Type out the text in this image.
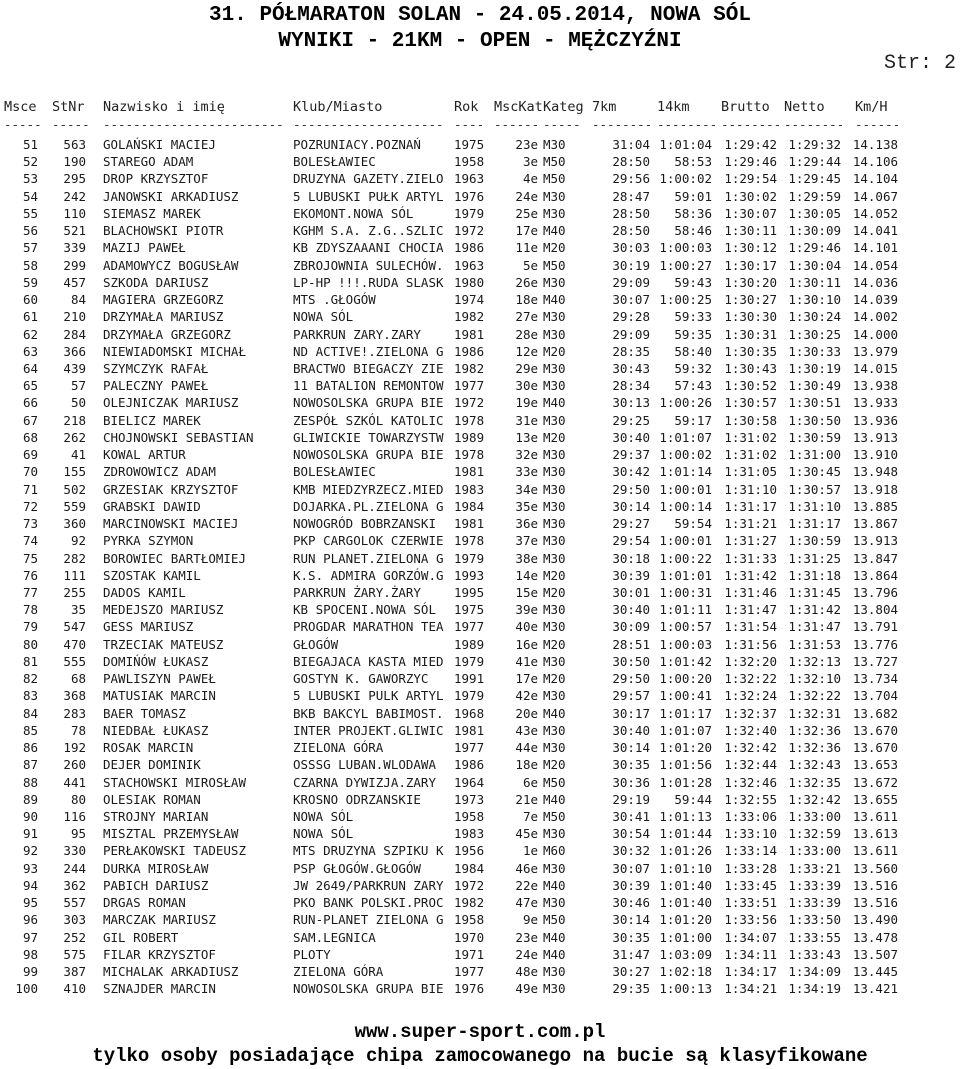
31. PÓŁMARATON SOLAN - 24.05.2014, NOWA SÓL
WYNIKI - 21KM - OPEN - MĘŻCZYŹNI
Str: 2
Msce	StNr	Nazwisko i imię	Klub/Miasto	Rok	MscKat Kateg 7km	14km	Brutto	Netto	Km/H
----- -----	------------------------ -------------------- ---- ------ ----- -------- -------- -------- -------- ------
51	563 GOLAŃSKI MACIEJ	POZRUNIACY.POZNAŃ	1975	23e M30	31:04 1:01:04 1:29:42 1:29:32 14.138
52	190 STAREGO ADAM	BOLESŁAWIEC	1958	3e M50	28:50	58:53 1:29:46 1:29:44 14.106
53	295 DROP KRZYSZTOF	DRUZYNA GAZETY.ZIELO 1963	4e M50	29:56 1:00:02 1:29:54 1:29:45 14.104
54	242 JANOWSKI ARKADIUSZ	5 LUBUSKI PUŁK ARTYL 1976	24e M30	28:47	59:01 1:30:02 1:29:59 14.067
55	110 SIEMASZ MAREK	EKOMONT.NOWA SÓL	1979	25e M30	28:50	58:36 1:30:07 1:30:05 14.052
56	521 BLACHOWSKI PIOTR	KGHM S.A. Z.G..SZLIC 1972	17e M40	28:50	58:46 1:30:11 1:30:09 14.041
57	339 MAZIJ PAWEŁ	KB ZDYSZAAANI CHOCIA 1986	11e M20	30:03 1:00:03 1:30:12 1:29:46 14.101
58	299 ADAMOWYCZ BOGUSŁAW	ZBROJOWNIA SULECHÓW. 1963	5e M50	30:19 1:00:27 1:30:17 1:30:04 14.054
59	457 SZKODA DARIUSZ	LP-HP !!!.RUDA SLASK 1980	26e M30	29:09	59:43 1:30:20 1:30:11 14.036
60	84 MAGIERA GRZEGORZ	MTS .GŁOGÓW	1974	18e M40	30:07 1:00:25 1:30:27 1:30:10 14.039
61	210 DRZYMAŁA MARIUSZ	NOWA SÓL	1982	27e M30	29:28	59:33 1:30:30 1:30:24 14.002
62	284 DRZYMAŁA GRZEGORZ	PARKRUN ZARY.ZARY	1981	28e M30	29:09	59:35 1:30:31 1:30:25 14.000
63	366 NIEWIADOMSKI MICHAŁ	ND ACTIVE!.ZIELONA G 1986	12e M20	28:35	58:40 1:30:35 1:30:33 13.979
64	439 SZYMCZYK RAFAŁ	BRACTWO BIEGACZY ZIE 1982	29e M30	30:43	59:32 1:30:43 1:30:19 14.015
65	57 PALECZNY PAWEŁ	11 BATALION REMONTOW 1977	30e M30	28:34	57:43 1:30:52 1:30:49 13.938
66	50 OLEJNICZAK MARIUSZ	NOWOSOLSKA GRUPA BIE 1972	19e M40	30:13 1:00:26 1:30:57 1:30:51 13.933
67	218 BIELICZ MAREK	ZESPÓŁ SZKÓL KATOLIC 1978	31e M30	29:25	59:17 1:30:58 1:30:50 13.936
68	262 CHOJNOWSKI SEBASTIAN	GLIWICKIE TOWARZYSTW 1989	13e M20	30:40 1:01:07 1:31:02 1:30:59 13.913
69	41 KOWAL ARTUR	NOWOSOLSKA GRUPA BIE 1978	32e M30	29:37 1:00:02 1:31:02 1:31:00 13.910
70	155 ZDROWOWICZ ADAM	BOLESŁAWIEC	1981	33e M30	30:42 1:01:14 1:31:05 1:30:45 13.948
71	502 GRZESIAK KRZYSZTOF	KMB MIEDZYRZECZ.MIED 1983	34e M30	29:50 1:00:01 1:31:10 1:30:57 13.918
72	559 GRABSKI DAWID	DOJARKA.PL.ZIELONA G 1984	35e M30	30:14 1:00:14 1:31:17 1:31:10 13.885
73	360 MARCINOWSKI MACIEJ	NOWOGRÓD BOBRZANSKI	1981	36e M30	29:27	59:54 1:31:21 1:31:17 13.867
74	92 PYRKA SZYMON	PKP CARGOLOK CZERWIE 1978	37e M30	29:54 1:00:01 1:31:27 1:30:59 13.913
75	282 BOROWIEC BARTŁOMIEJ	RUN PLANET.ZIELONA G 1979	38e M30	30:18 1:00:22 1:31:33 1:31:25 13.847
76	111 SZOSTAK KAMIL	K.S. ADMIRA GORZÓW.G 1993	14e M20	30:39 1:01:01 1:31:42 1:31:18 13.864
77	255 DADOS KAMIL	PARKRUN ŻARY.ŻARY	1995	15e M20	30:01 1:00:31 1:31:46 1:31:45 13.796
78	35 MEDEJSZO MARIUSZ	KB SPOCENI.NOWA SÓL	1975	39e M30	30:40 1:01:11 1:31:47 1:31:42 13.804
79	547 GESS MARIUSZ	PROGDAR MARATHON TEA 1977	40e M30	30:09 1:00:57 1:31:54 1:31:47 13.791
80	470 TRZECIAK MATEUSZ	GŁOGÓW	1989	16e M20	28:51 1:00:03 1:31:56 1:31:53 13.776
81	555 DOMIŃÓW ŁUKASZ	BIEGAJACA KASTA MIED 1979	41e M30	30:50 1:01:42 1:32:20 1:32:13 13.727
82	68 PAWLISZYN PAWEŁ	GOSTYN K. GAWORZYC	1991	17e M20	29:50 1:00:20 1:32:22 1:32:10 13.734
83	368 MATUSIAK MARCIN	5 LUBUSKI PULK ARTYL 1979	42e M30	29:57 1:00:41 1:32:24 1:32:22 13.704
84	283 BAER TOMASZ	BKB BAKCYL BABIMOST. 1968	20e M40	30:17 1:01:17 1:32:37 1:32:31 13.682
85	78 NIEDBAŁ ŁUKASZ	INTER PROJEKT.GLIWIC 1981	43e M30	30:40 1:01:07 1:32:40 1:32:36 13.670
86	192 ROSAK MARCIN	ZIELONA GÓRA	1977	44e M30	30:14 1:01:20 1:32:42 1:32:36 13.670
87	260 DEJER DOMINIK	OSSSG LUBAN.WLODAWA	1986	18e M20	30:35 1:01:56 1:32:44 1:32:43 13.653
88	441 STACHOWSKI MIROSŁAW	CZARNA DYWIZJA.ZARY	1964	6e M50	30:36 1:01:28 1:32:46 1:32:35 13.672
89	80 OLESIAK ROMAN	KROSNO ODRZANSKIE	1973	21e M40	29:19	59:44 1:32:55 1:32:42 13.655
90	116 STROJNY MARIAN	NOWA SÓL	1958	7e M50	30:41 1:01:13 1:33:06 1:33:00 13.611
91	95 MISZTAL PRZEMYSŁAW	NOWA SÓL	1983	45e M30	30:54 1:01:44 1:33:10 1:32:59 13.613
92	330 PERŁAKOWSKI TADEUSZ	MTS DRUZYNA SZPIKU K 1956	1e M60	30:32 1:01:26 1:33:14 1:33:00 13.611
93	244 DURKA MIROSŁAW	PSP GŁOGÓW.GŁOGÓW	1984	46e M30	30:07 1:01:10 1:33:28 1:33:21 13.560
94	362 PABICH DARIUSZ	JW 2649/PARKRUN ZARY 1972	22e M40	30:39 1:01:40 1:33:45 1:33:39 13.516
95	557 DRGAS ROMAN	PKO BANK POLSKI.PROC 1982	47e M30	30:46 1:01:40 1:33:51 1:33:39 13.516
96	303 MARCZAK MARIUSZ	RUN-PLANET ZIELONA G 1958	9e M50	30:14 1:01:20 1:33:56 1:33:50 13.490
97	252 GIL ROBERT	SAM.LEGNICA	1970	23e M40	30:35 1:01:00 1:34:07 1:33:55 13.478
98	575 FILAR KRZYSZTOF	PLOTY	1971	24e M40	31:47 1:03:09 1:34:11 1:33:43 13.507
99	387 MICHALAK ARKADIUSZ	ZIELONA GÓRA	1977	48e M30	30:27 1:02:18 1:34:17 1:34:09 13.445
100	410 SZNAJDER MARCIN	NOWOSOLSKA GRUPA BIE 1976	49e M30	29:35 1:00:13 1:34:21 1:34:19 13.421
www.super-sport.com.pl
tylko osoby posiadające chipa zamocowanego na bucie są klasyfikowane
